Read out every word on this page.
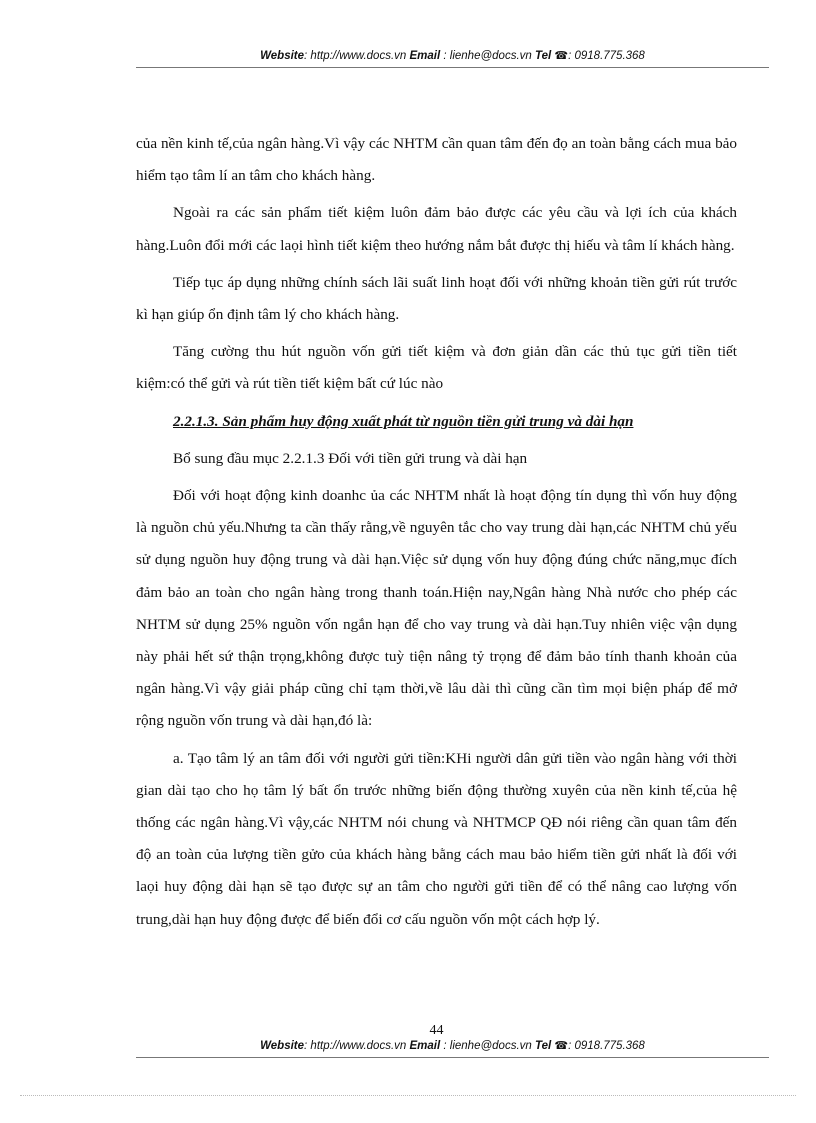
Website: http://www.docs.vn Email : lienhe@docs.vn Tel ☎: 0918.775.368

của nền kinh tế,của ngân hàng.Vì vậy các NHTM cần quan tâm đến đọ an toàn bằng cách mua bảo hiểm tạo tâm lí an tâm cho khách hàng.

Ngoài ra các sản phẩm tiết kiệm luôn đảm bảo được các yêu cầu và lợi ích của khách hàng.Luôn đổi mới các laọi hình tiết kiệm theo hướng nắm bắt được thị hiếu và tâm lí khách hàng.

Tiếp tục áp dụng những chính sách lãi suất linh hoạt đối với những khoản tiền gửi rút trước kì hạn giúp ổn định tâm lý cho khách hàng.

Tăng cường thu hút nguồn vốn gửi tiết kiệm và đơn giản dần các thủ tục gửi tiền tiết kiệm:có thể gửi và rút tiền tiết kiệm bất cứ lúc nào

2.2.1.3. Sản phẩm huy động xuất phát từ nguồn tiền gửi trung và dài hạn

Bổ sung đầu mục 2.2.1.3 Đối với tiền gửi trung và dài hạn

Đối với hoạt động kinh doanhc ủa các NHTM nhất là hoạt động tín dụng thì vốn huy động là nguồn chủ yếu.Nhưng ta cần thấy rằng,về nguyên tắc cho vay trung dài hạn,các NHTM chủ yếu sử dụng nguồn huy động trung và dài hạn.Việc sử dụng vốn huy động đúng chức năng,mục đích đảm bảo an toàn cho ngân hàng trong thanh toán.Hiện nay,Ngân hàng Nhà nước cho phép các NHTM sử dụng 25% nguồn vốn ngắn hạn để cho vay trung và dài hạn.Tuy nhiên việc vận dụng này phải hết sứ thận trọng,không được tuỳ tiện nâng tỷ trọng để đảm bảo tính thanh khoản của ngân hàng.Vì vậy giải pháp cũng chỉ tạm thời,về lâu dài thì cũng cần tìm mọi biện pháp để mở rộng nguồn vốn trung và dài hạn,đó là:

a. Tạo tâm lý an tâm đối với người gửi tiền:KHi người dân gửi tiền vào ngân hàng với thời gian dài tạo cho họ tâm lý bất ổn trước những biến động thường xuyên của nền kinh tế,của hệ thống các ngân hàng.Vì vậy,các NHTM nói chung và NHTMCP QĐ nói riêng cần quan tâm đến độ an toàn của lượng tiền gửo của khách hàng bằng cách mau bảo hiểm tiền gửi nhất là đối với laọi huy động dài hạn sẽ tạo được sự an tâm cho người gửi tiền để có thể nâng cao lượng vốn trung,dài hạn huy động được để biến đổi cơ cấu nguồn vốn một cách hợp lý.

44
Website: http://www.docs.vn Email : lienhe@docs.vn Tel ☎: 0918.775.368
